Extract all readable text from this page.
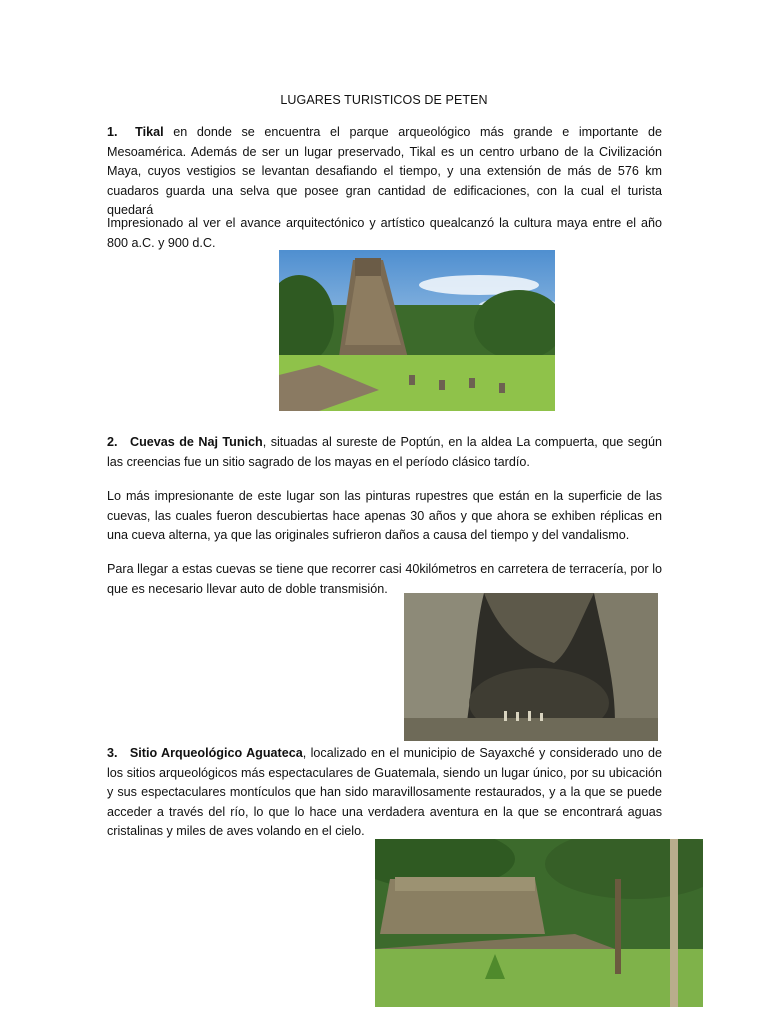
LUGARES TURISTICOS DE PETEN
1. Tikal en donde se encuentra el parque arqueológico más grande e importante de Mesoamérica. Además de ser un lugar preservado, Tikal es un centro urbano de la Civilización Maya, cuyos vestigios se levantan desafiando el tiempo, y una extensión de más de 576 km cuadaros guarda una selva que posee gran cantidad de edificaciones, con la cual el turista quedará
Impresionado al ver el avance arquitectónico y artístico quealcanzó la cultura maya entre el año 800 a.C. y 900 d.C.
2. Cuevas de Naj Tunich, situadas al sureste de Poptún, en la aldea La compuerta, que según las creencias fue un sitio sagrado de los mayas en el período clásico tardío.
Lo más impresionante de este lugar son las pinturas rupestres que están en la superficie de las cuevas, las cuales fueron descubiertas hace apenas 30 años y que ahora se exhiben réplicas en una cueva alterna, ya que las originales sufrieron daños a causa del tiempo y del vandalismo.
Para llegar a estas cuevas se tiene que recorrer casi 40kilómetros en carretera de terracería, por lo que es necesario llevar auto de doble transmisión.
3. Sitio Arqueológico Aguateca, localizado en el municipio de Sayaxché y considerado uno de los sitios arqueológicos más espectaculares de Guatemala, siendo un lugar único, por su ubicación y sus espectaculares montículos que han sido maravillosamente restaurados, y a la que se puede acceder a través del río, lo que lo hace una verdadera aventura en la que se encontrará aguas cristalinas y miles de aves volando en el cielo.
